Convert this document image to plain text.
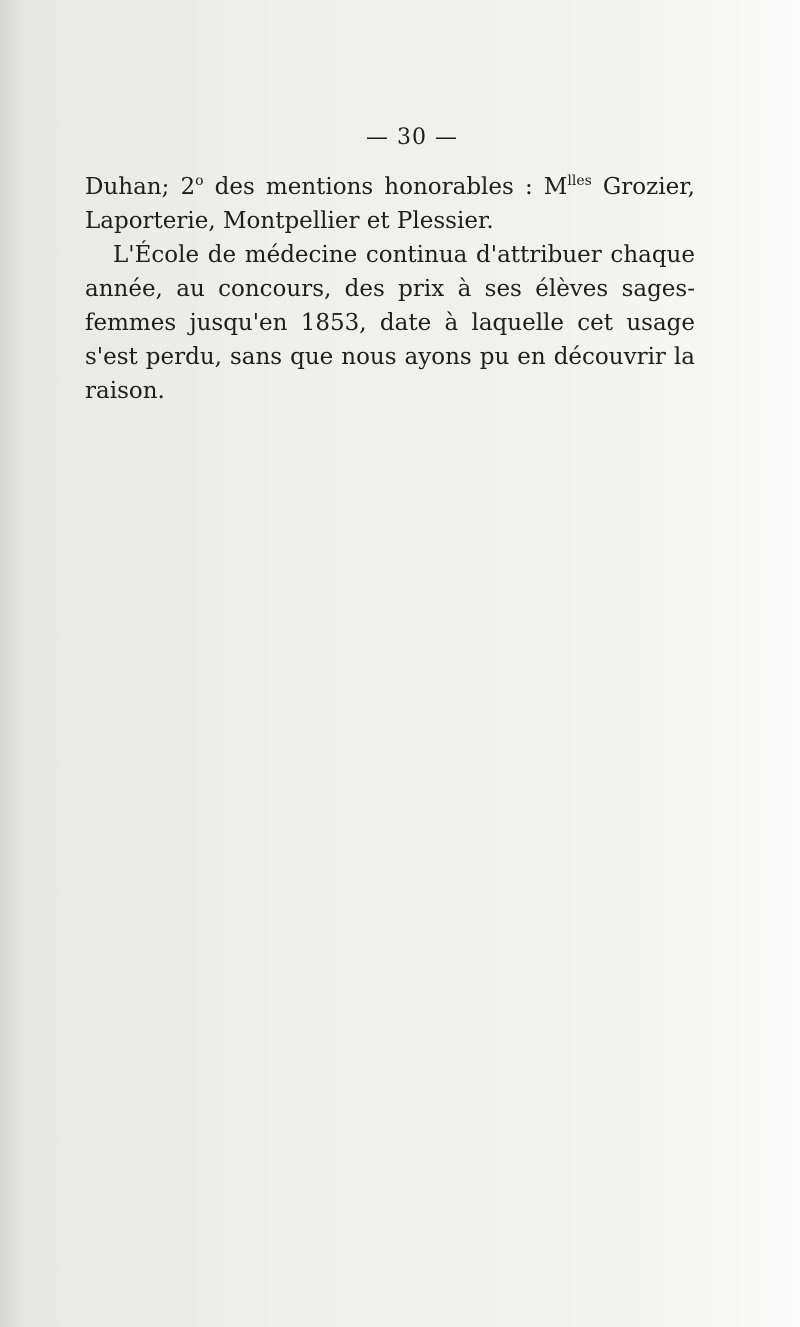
— 30 —

Duhan; 2$^o$ des mentions honorables : $M^{lles}$ Grozier, Laporterie, Montpellier et Plessier.

L'École de médecine continua d'attribuer chaque année, au concours, des prix à ses élèves sages-femmes jusqu'en 1853, date à laquelle cet usage s'est perdu, sans que nous ayons pu en découvrir la raison.
